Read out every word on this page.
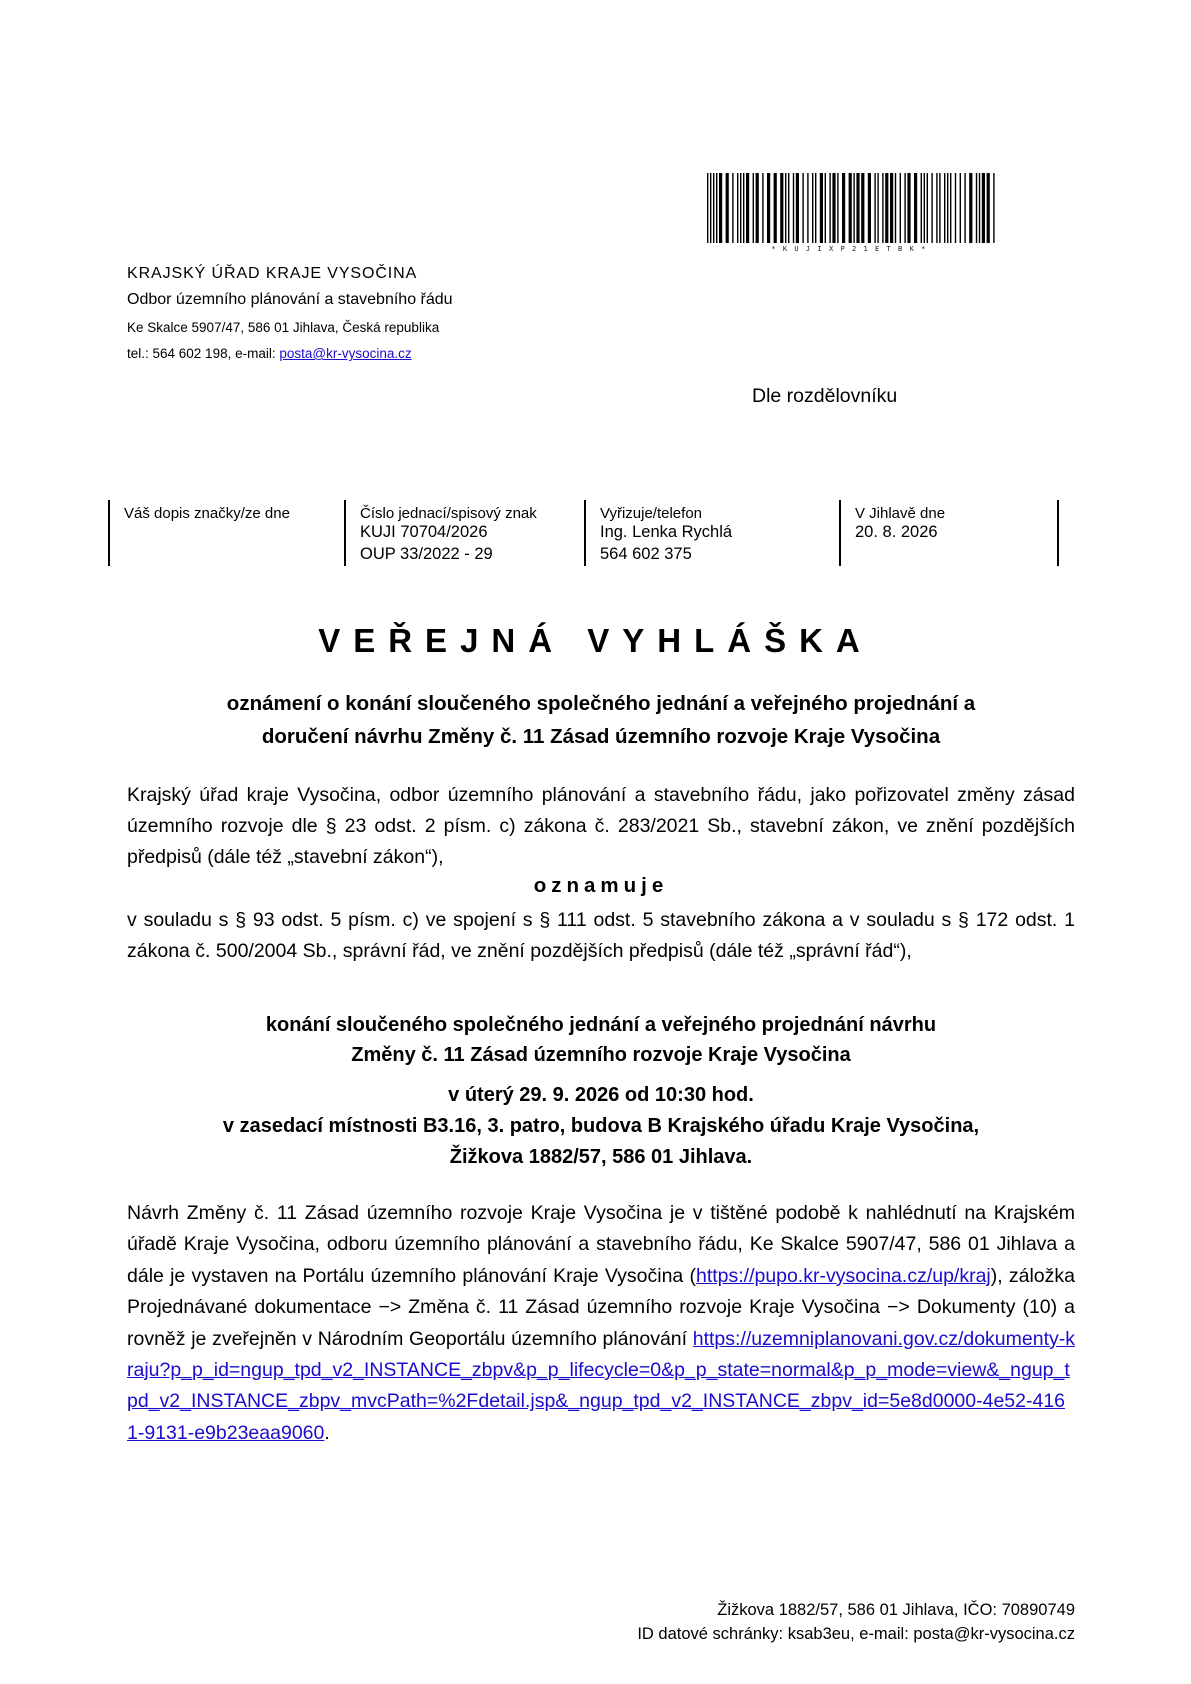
*KUJIXP21ETBK*
KRAJSKÝ ÚŘAD KRAJE VYSOČINA
Odbor územního plánování a stavebního řádu
Ke Skalce 5907/47, 586 01 Jihlava, Česká republika
tel.: 564 602 198, e-mail: posta@kr-vysocina.cz
Dle rozdělovníku
Váš dopis značky/ze dne	Číslo jednací/spisový znak
KUJI 70704/2026
OUP 33/2022 - 29
Vyřizuje/telefon
Ing. Lenka Rychlá
564 602 375
V Jihlavě dne
20. 8. 2026
VEŘEJNÁ VYHLÁŠKA
oznámení o konání sloučeného společného jednání a veřejného projednání a
doručení návrhu Změny č. 11 Zásad územního rozvoje Kraje Vysočina
Krajský úřad kraje Vysočina, odbor územního plánování a stavebního řádu, jako pořizovatel změny zásad územního rozvoje dle § 23 odst. 2 písm. c) zákona č. 283/2021 Sb., stavební zákon, ve znění pozdějších předpisů (dále též „stavební zákon“),
oznamuje
v souladu s § 93 odst. 5 písm. c) ve spojení s § 111 odst. 5 stavebního zákona a v souladu s § 172 odst. 1 zákona č. 500/2004 Sb., správní řád, ve znění pozdějších předpisů (dále též „správní řád“),
konání sloučeného společného jednání a veřejného projednání návrhu
Změny č. 11 Zásad územního rozvoje Kraje Vysočina
v úterý 29. 9. 2026 od 10:30 hod.
v zasedací místnosti B3.16, 3. patro, budova B Krajského úřadu Kraje Vysočina,
Žižkova 1882/57, 586 01 Jihlava.
Návrh Změny č. 11 Zásad územního rozvoje Kraje Vysočina je v tištěné podobě k nahlédnutí na Krajském úřadě Kraje Vysočina, odboru územního plánování a stavebního řádu, Ke Skalce 5907/47, 586 01 Jihlava a dále je vystaven na Portálu územního plánování Kraje Vysočina (https://pupo.kr-vysocina.cz/up/kraj), záložka Projednávané dokumentace −> Změna č. 11 Zásad územního rozvoje Kraje Vysočina −> Dokumenty (10) a rovněž je zveřejněn v Národním Geoportálu územního plánování https://uzemniplanovani.gov.cz/dokumenty-kraju?p_p_id=ngup_tpd_v2_INSTANCE_zbpv&p_p_lifecycle=0&p_p_state=normal&p_p_mode=view&_ngup_tpd_v2_INSTANCE_zbpv_mvcPath=%2Fdetail.jsp&_ngup_tpd_v2_INSTANCE_zbpv_id=5e8d0000-4e52-4161-9131-e9b23eaa9060.
Žižkova 1882/57, 586 01 Jihlava, IČO: 70890749
ID datové schránky: ksab3eu, e-mail: posta@kr-vysocina.cz
